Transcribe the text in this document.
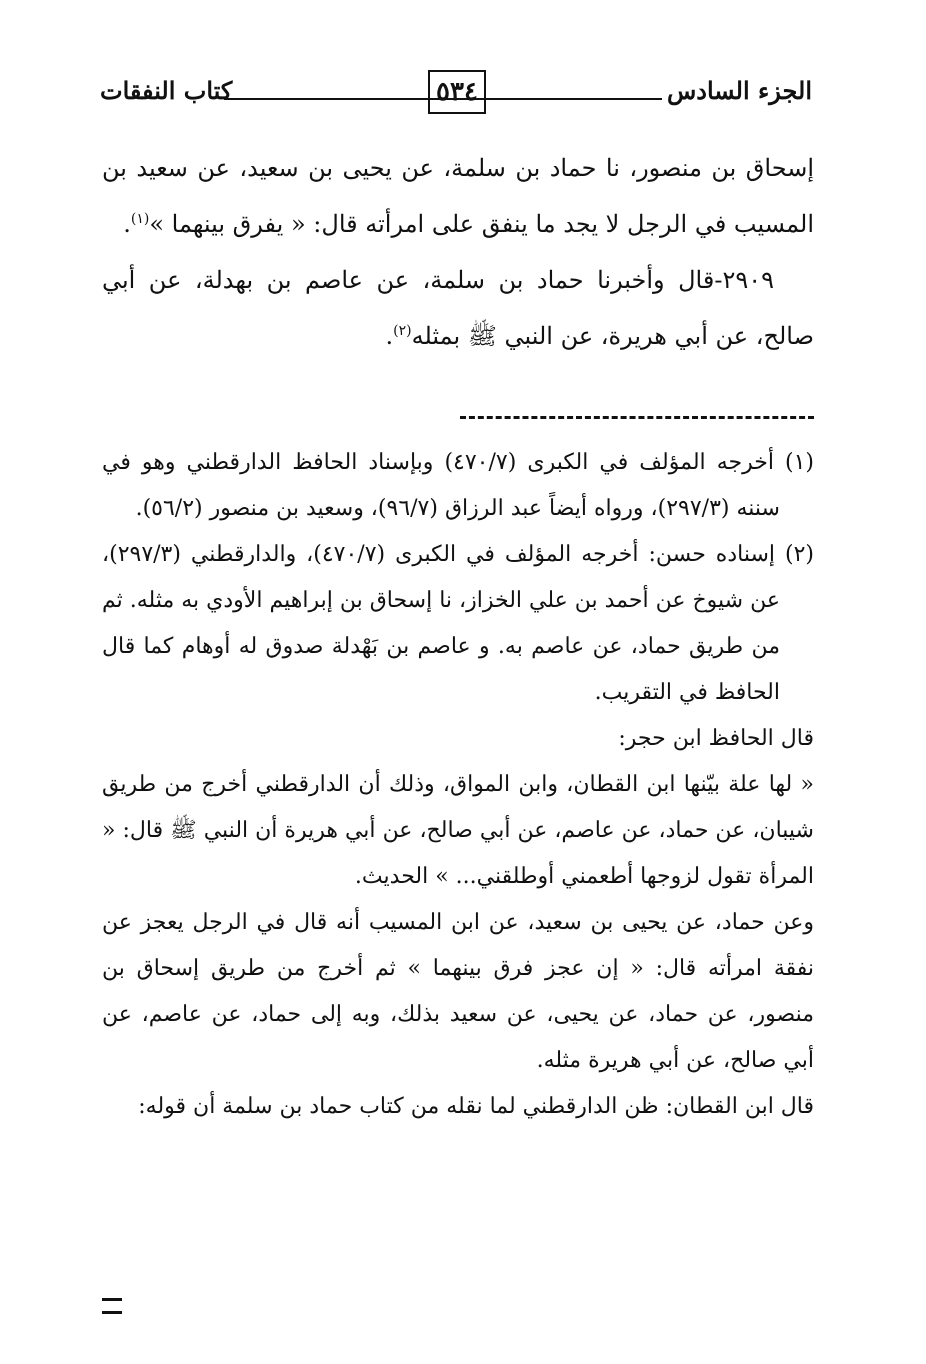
الجزء السادس
٥٣٤
كتاب النفقات

إسحاق بن منصور، نا حماد بن سلمة، عن يحيى بن سعيد، عن سعيد بن المسيب في الرجل لا يجد ما ينفق على امرأته قال: « يفرق بينهما »$^{(١)}$.

٢٩٠٩-قال وأخبرنا حماد بن سلمة، عن عاصم بن بهدلة، عن أبي صالح، عن أبي هريرة، عن النبي ﷺ بمثله$^{(٢)}$.

(١) أخرجه المؤلف في الكبرى (٤٧٠/٧) وبإسناد الحافظ الدارقطني وهو في سننه (٢٩٧/٣)، ورواه أيضاً عبد الرزاق (٩٦/٧)، وسعيد بن منصور (٥٦/٢).

(٢) إسناده حسن: أخرجه المؤلف في الكبرى (٤٧٠/٧)، والدارقطني (٢٩٧/٣)، عن شيوخ عن أحمد بن علي الخزاز، نا إسحاق بن إبراهيم الأودي به مثله. ثم من طريق حماد، عن عاصم به. و عاصم بن بَهْدلة صدوق له أوهام كما قال الحافظ في التقريب.

قال الحافظ ابن حجر:

« لها علة بيّنها ابن القطان، وابن المواق، وذلك أن الدارقطني أخرج من طريق شيبان، عن حماد، عن عاصم، عن أبي صالح، عن أبي هريرة أن النبي ﷺ قال: « المرأة تقول لزوجها أطعمني أوطلقني... » الحديث.

وعن حماد، عن يحيى بن سعيد، عن ابن المسيب أنه قال في الرجل يعجز عن نفقة امرأته قال: « إن عجز فرق بينهما » ثم أخرج من طريق إسحاق بن منصور، عن حماد، عن يحيى، عن سعيد بذلك، وبه إلى حماد، عن عاصم، عن أبي صالح، عن أبي هريرة مثله.

قال ابن القطان: ظن الدارقطني لما نقله من كتاب حماد بن سلمة أن قوله:
